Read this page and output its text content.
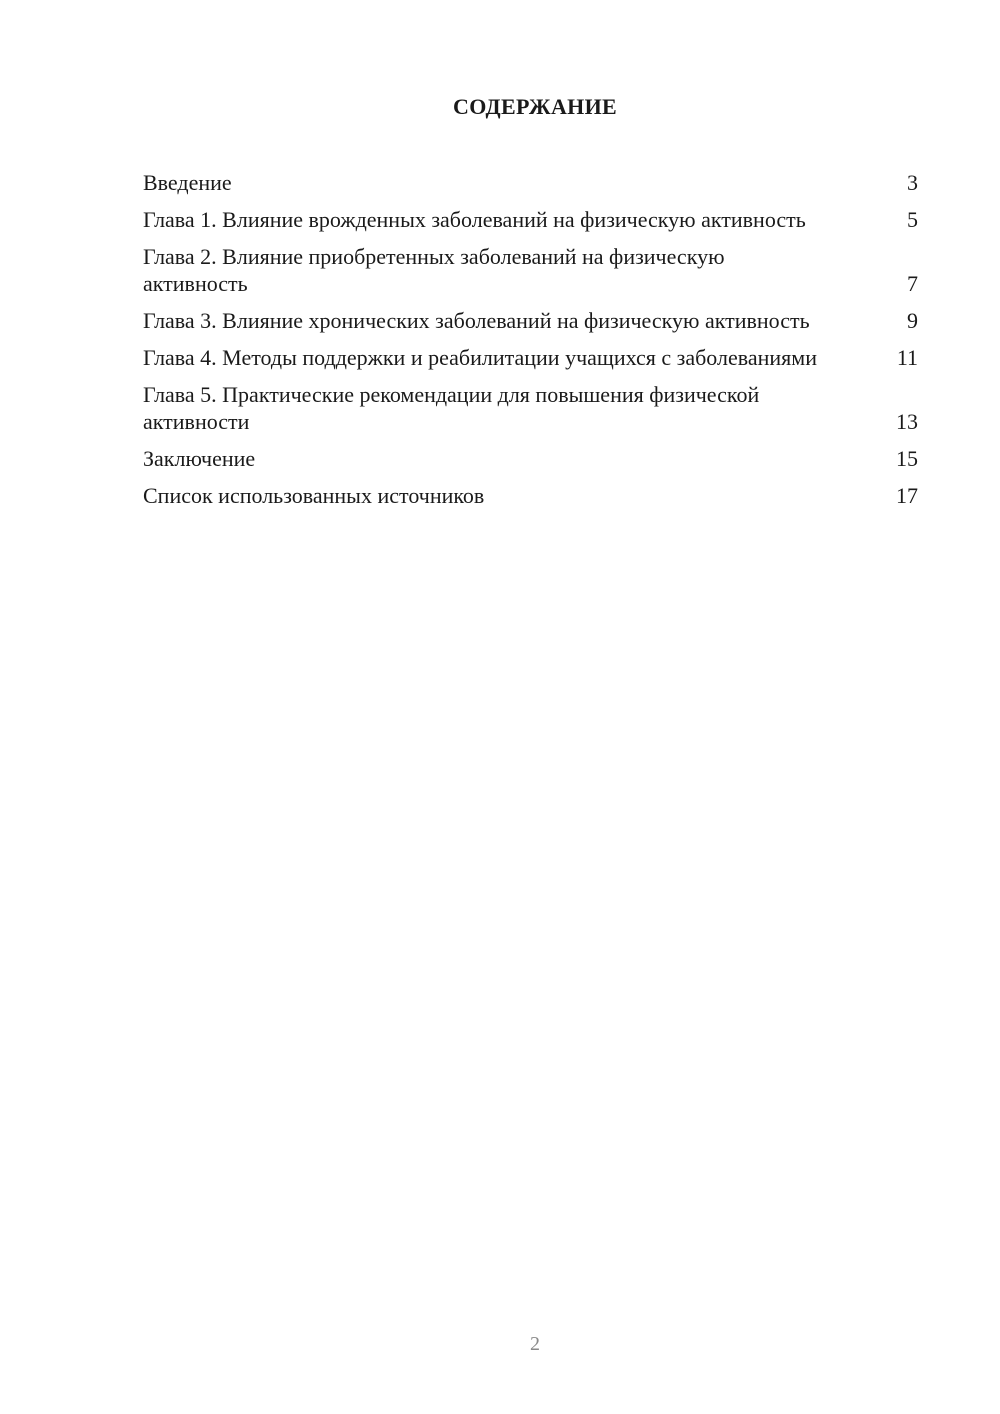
СОДЕРЖАНИЕ
Введение	3
Глава 1. Влияние врожденных заболеваний на физическую активность	5
Глава 2. Влияние приобретенных заболеваний на физическую активность	7
Глава 3. Влияние хронических заболеваний на физическую активность	9
Глава 4. Методы поддержки и реабилитации учащихся с заболеваниями	11
Глава 5. Практические рекомендации для повышения физической активности	13
Заключение	15
Список использованных источников	17
2
